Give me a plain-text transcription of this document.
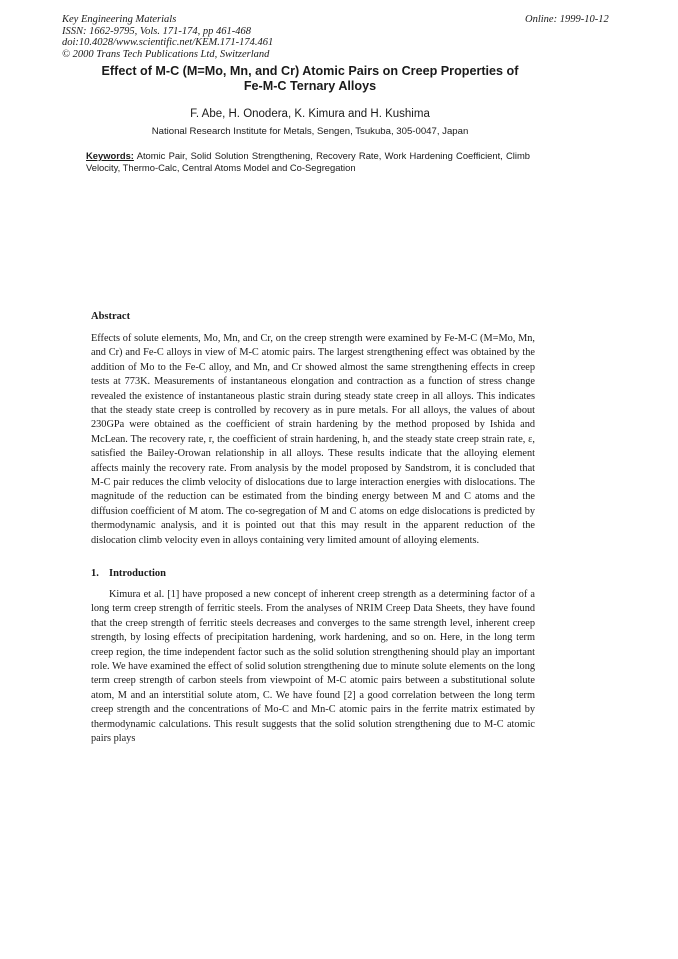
Key Engineering Materials
ISSN: 1662-9795, Vols. 171-174, pp 461-468
doi:10.4028/www.scientific.net/KEM.171-174.461
© 2000 Trans Tech Publications Ltd, Switzerland
Online: 1999-10-12
Effect of M-C (M=Mo, Mn, and Cr) Atomic Pairs on Creep Properties of
Fe-M-C Ternary Alloys
F. Abe, H. Onodera, K. Kimura and H. Kushima
National Research Institute for Metals, Sengen, Tsukuba, 305-0047, Japan
Keywords: Atomic Pair, Solid Solution Strengthening, Recovery Rate, Work Hardening Coefficient, Climb Velocity, Thermo-Calc, Central Atoms Model and Co-Segregation
Abstract
Effects of solute elements, Mo, Mn, and Cr, on the creep strength were examined by Fe-M-C (M=Mo, Mn, and Cr) and Fe-C alloys in view of M-C atomic pairs. The largest strengthening effect was obtained by the addition of Mo to the Fe-C alloy, and Mn, and Cr showed almost the same strengthening effects in creep tests at 773K. Measurements of instantaneous elongation and contraction as a function of stress change revealed the existence of instantaneous plastic strain during steady state creep in all alloys. This indicates that the steady state creep is controlled by recovery as in pure metals. For all alloys, the values of about 230GPa were obtained as the coefficient of strain hardening by the method proposed by Ishida and McLean. The recovery rate, r, the coefficient of strain hardening, h, and the steady state creep strain rate, ε, satisfied the Bailey-Orowan relationship in all alloys. These results indicate that the alloying element affects mainly the recovery rate. From analysis by the model proposed by Sandstrom, it is concluded that M-C pair reduces the climb velocity of dislocations due to large interaction energies with dislocations. The magnitude of the reduction can be estimated from the binding energy between M and C atoms and the diffusion coefficient of M atom. The co-segregation of M and C atoms on edge dislocations is predicted by thermodynamic analysis, and it is pointed out that this may result in the apparent reduction of the dislocation climb velocity even in alloys containing very limited amount of alloying elements.
1. Introduction
Kimura et al. [1] have proposed a new concept of inherent creep strength as a determining factor of a long term creep strength of ferritic steels. From the analyses of NRIM Creep Data Sheets, they have found that the creep strength of ferritic steels decreases and converges to the same strength level, inherent creep strength, by losing effects of precipitation hardening, work hardening, and so on. Here, in the long term creep region, the time independent factor such as the solid solution strengthening should play an important role. We have examined the effect of solid solution strengthening due to minute solute elements on the long term creep strength of carbon steels from viewpoint of M-C atomic pairs between a substitutional solute atom, M and an interstitial solute atom, C. We have found [2] a good correlation between the long term creep strength and the concentrations of Mo-C and Mn-C atomic pairs in the ferrite matrix estimated by thermodynamic calculations. This result suggests that the solid solution strengthening due to M-C atomic pairs plays
